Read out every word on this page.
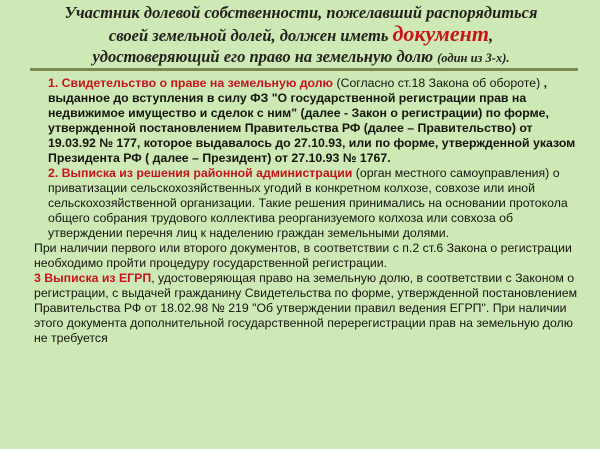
Участник долевой собственности, пожелавший распорядиться
своей земельной долей, должен иметь документ,
удостоверяющий его право на земельную долю (один из 3-х).

1. Свидетельство о праве на земельную долю (Согласно ст.18 Закона об обороте) , выданное до вступления в силу ФЗ "О государственной регистрации прав на недвижимое имущество и сделок с ним" (далее - Закон о регистрации) по форме, утвержденной постановлением Правительства РФ (далее – Правительство) от 19.03.92 № 177, которое выдавалось до 27.10.93, или по форме, утвержденной указом Президента РФ ( далее – Президент) от 27.10.93 № 1767.

2. Выписка из решения районной администрации (орган местного самоуправления) о приватизации сельскохозяйственных угодий в конкретном колхозе, совхозе или иной сельскохозяйственной организации. Такие решения принимались на основании протокола общего собрания трудового коллектива реорганизуемого колхоза или совхоза об утверждении перечня лиц к наделению граждан земельными долями.

При наличии первого или второго документов, в соответствии с п.2 ст.6 Закона о регистрации необходимо пройти процедуру государственной регистрации.

3 Выписка из ЕГРП, удостоверяющая право на земельную долю, в соответствии с Законом о регистрации, с выдачей гражданину Свидетельства по форме, утвержденной постановлением Правительства РФ от 18.02.98 № 219 "Об утверждении правил ведения ЕГРП". При наличии этого документа дополнительной государственной перерегистрации прав на земельную долю не требуется
